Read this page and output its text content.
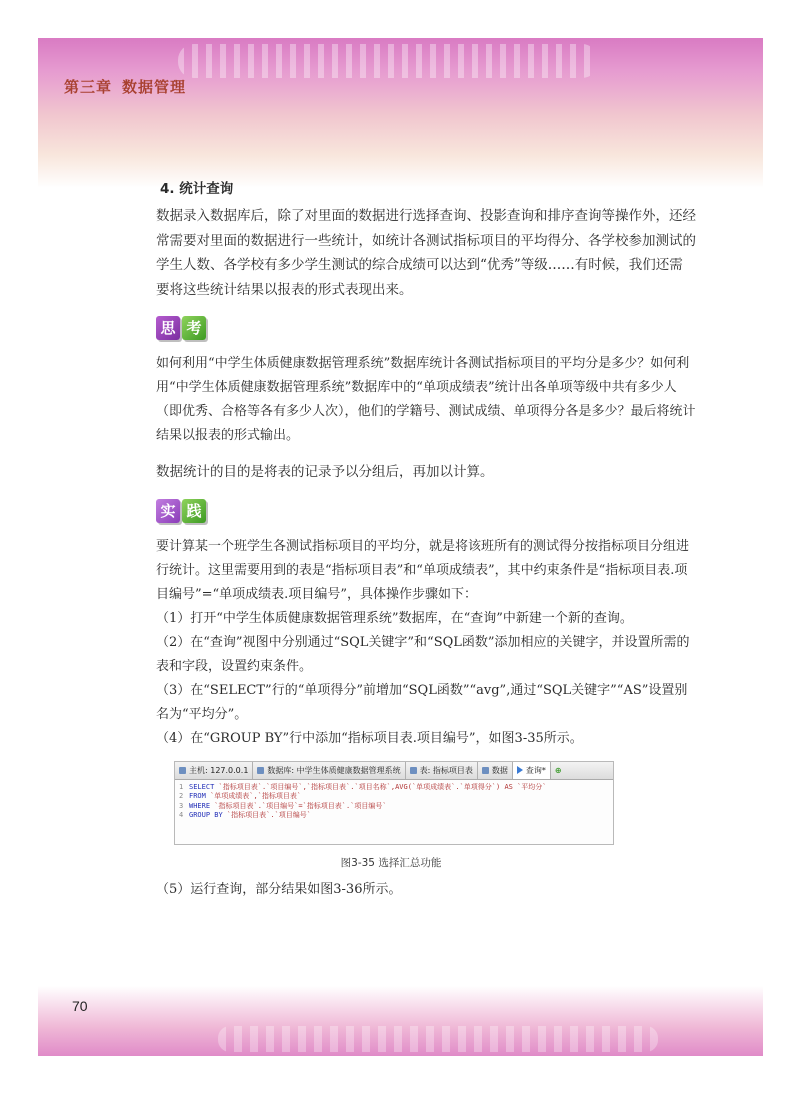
第三章 数据管理
70
4. 统计查询

数据录入数据库后，除了对里面的数据进行选择查询、投影查询和排序查询等操作外，还经常需要对里面的数据进行一些统计，如统计各测试指标项目的平均得分、各学校参加测试的学生人数、各学校有多少学生测试的综合成绩可以达到“优秀”等级……有时候，我们还需要将这些统计结果以报表的形式表现出来。

思 考

如何利用“中学生体质健康数据管理系统”数据库统计各测试指标项目的平均分是多少？如何利用“中学生体质健康数据管理系统”数据库中的“单项成绩表”统计出各单项等级中共有多少人（即优秀、合格等各有多少人次），他们的学籍号、测试成绩、单项得分各是多少？最后将统计结果以报表的形式输出。

数据统计的目的是将表的记录予以分组后，再加以计算。

实 践

要计算某一个班学生各测试指标项目的平均分，就是将该班所有的测试得分按指标项目分组进行统计。这里需要用到的表是“指标项目表”和“单项成绩表”，其中约束条件是“指标项目表.项目编号”=“单项成绩表.项目编号”，具体操作步骤如下：

（1）打开“中学生体质健康数据管理系统”数据库，在“查询”中新建一个新的查询。

（2）在“查询”视图中分别通过“SQL关键字”和“SQL函数”添加相应的关键字，并设置所需的表和字段，设置约束条件。

（3）在“SELECT”行的“单项得分”前增加“SQL函数”“avg”,通过“SQL关键字”“AS”设置别名为“平均分”。

（4）在“GROUP BY”行中添加“指标项目表.项目编号”，如图3-35所示。

主机: 127.0.0.1	数据库: 中学生体质健康数据管理系统	表: 指标项目表	数据	查询*	⊕
1 SELECT `指标项目表`.`项目编号`,`指标项目表`.`项目名称`,AVG(`单项成绩表`.`单项得分`) AS `平均分`
2 FROM `单项成绩表`,`指标项目表`
3 WHERE `指标项目表`.`项目编号`=`指标项目表`.`项目编号`
4 GROUP BY `指标项目表`.`项目编号`
图3-35 选择汇总功能

（5）运行查询，部分结果如图3-36所示。
